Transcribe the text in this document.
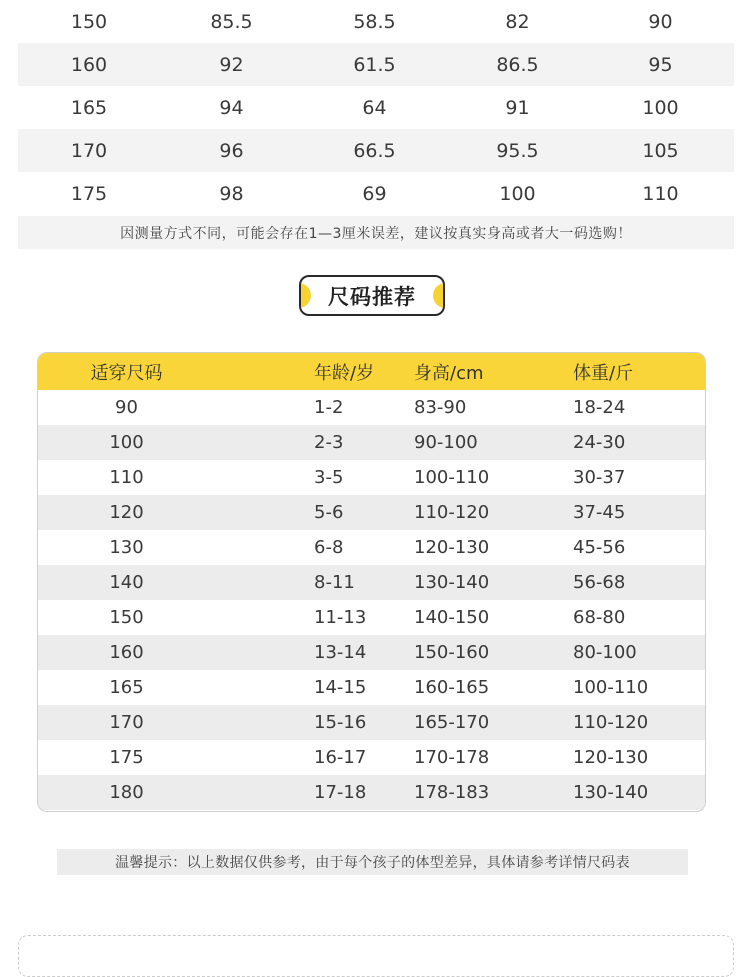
150	85.5	58.5	82	90
160	92	61.5	86.5	95
165	94	64	91	100
170	96	66.5	95.5	105
175	98	69	100	110
因测量方式不同，可能会存在1—3厘米误差，建议按真实身高或者大一码选购！
尺码推荐
适穿尺码	年龄/岁	身高/cm	体重/斤
90	1-2	83-90	18-24
100	2-3	90-100	24-30
110	3-5	100-110	30-37
120	5-6	110-120	37-45
130	6-8	120-130	45-56
140	8-11	130-140	56-68
150	11-13	140-150	68-80
160	13-14	150-160	80-100
165	14-15	160-165	100-110
170	15-16	165-170	110-120
175	16-17	170-178	120-130
180	17-18	178-183	130-140
温馨提示：以上数据仅供参考，由于每个孩子的体型差异，具体请参考详情尺码表
